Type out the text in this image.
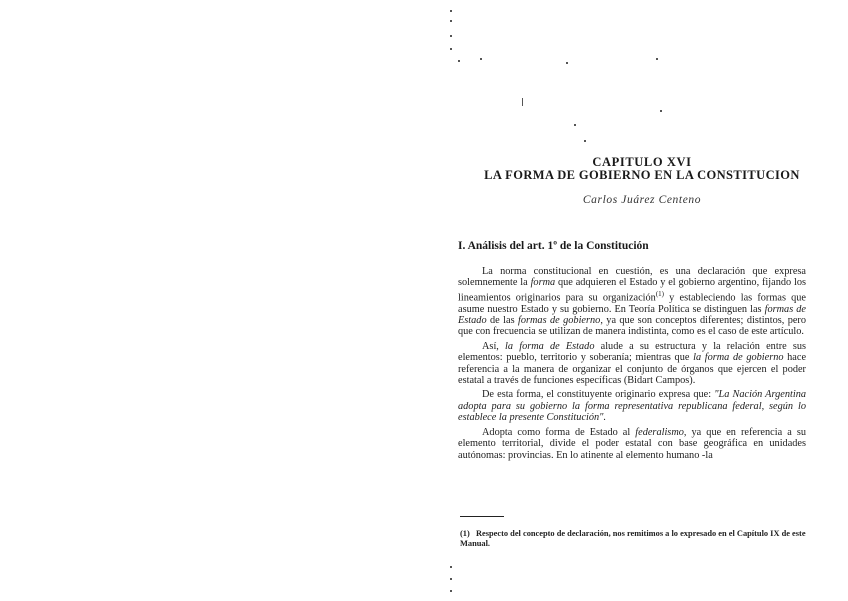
CAPITULO XVI
LA FORMA DE GOBIERNO EN LA CONSTITUCION
Carlos Juárez Centeno
I. Análisis del art. 1º de la Constitución

La norma constitucional en cuestión, es una declaración que expresa solemnemente la forma que adquieren el Estado y el gobierno argentino, fijando los lineamientos originarios para su organización$^{(1)}$ y estableciendo las formas que asume nuestro Estado y su gobierno. En Teoría Política se distinguen las formas de Estado de las formas de gobierno, ya que son conceptos diferentes; distintos, pero que con frecuencia se utilizan de manera indistinta, como es el caso de este artículo.

Así, la forma de Estado alude a su estructura y la relación entre sus elementos: pueblo, territorio y soberanía; mientras que la forma de gobierno hace referencia a la manera de organizar el conjunto de órganos que ejercen el poder estatal a través de funciones específicas (Bidart Campos).

De esta forma, el constituyente originario expresa que: "La Nación Argentina adopta para su gobierno la forma representativa republicana federal, según lo establece la presente Constitución".

Adopta como forma de Estado al federalismo, ya que en referencia a su elemento territorial, divide el poder estatal con base geográfica en unidades autónomas: provincias. En lo atinente al elemento humano -la

(1) Respecto del concepto de declaración, nos remitimos a lo expresado en el Capítulo IX de este Manual.
